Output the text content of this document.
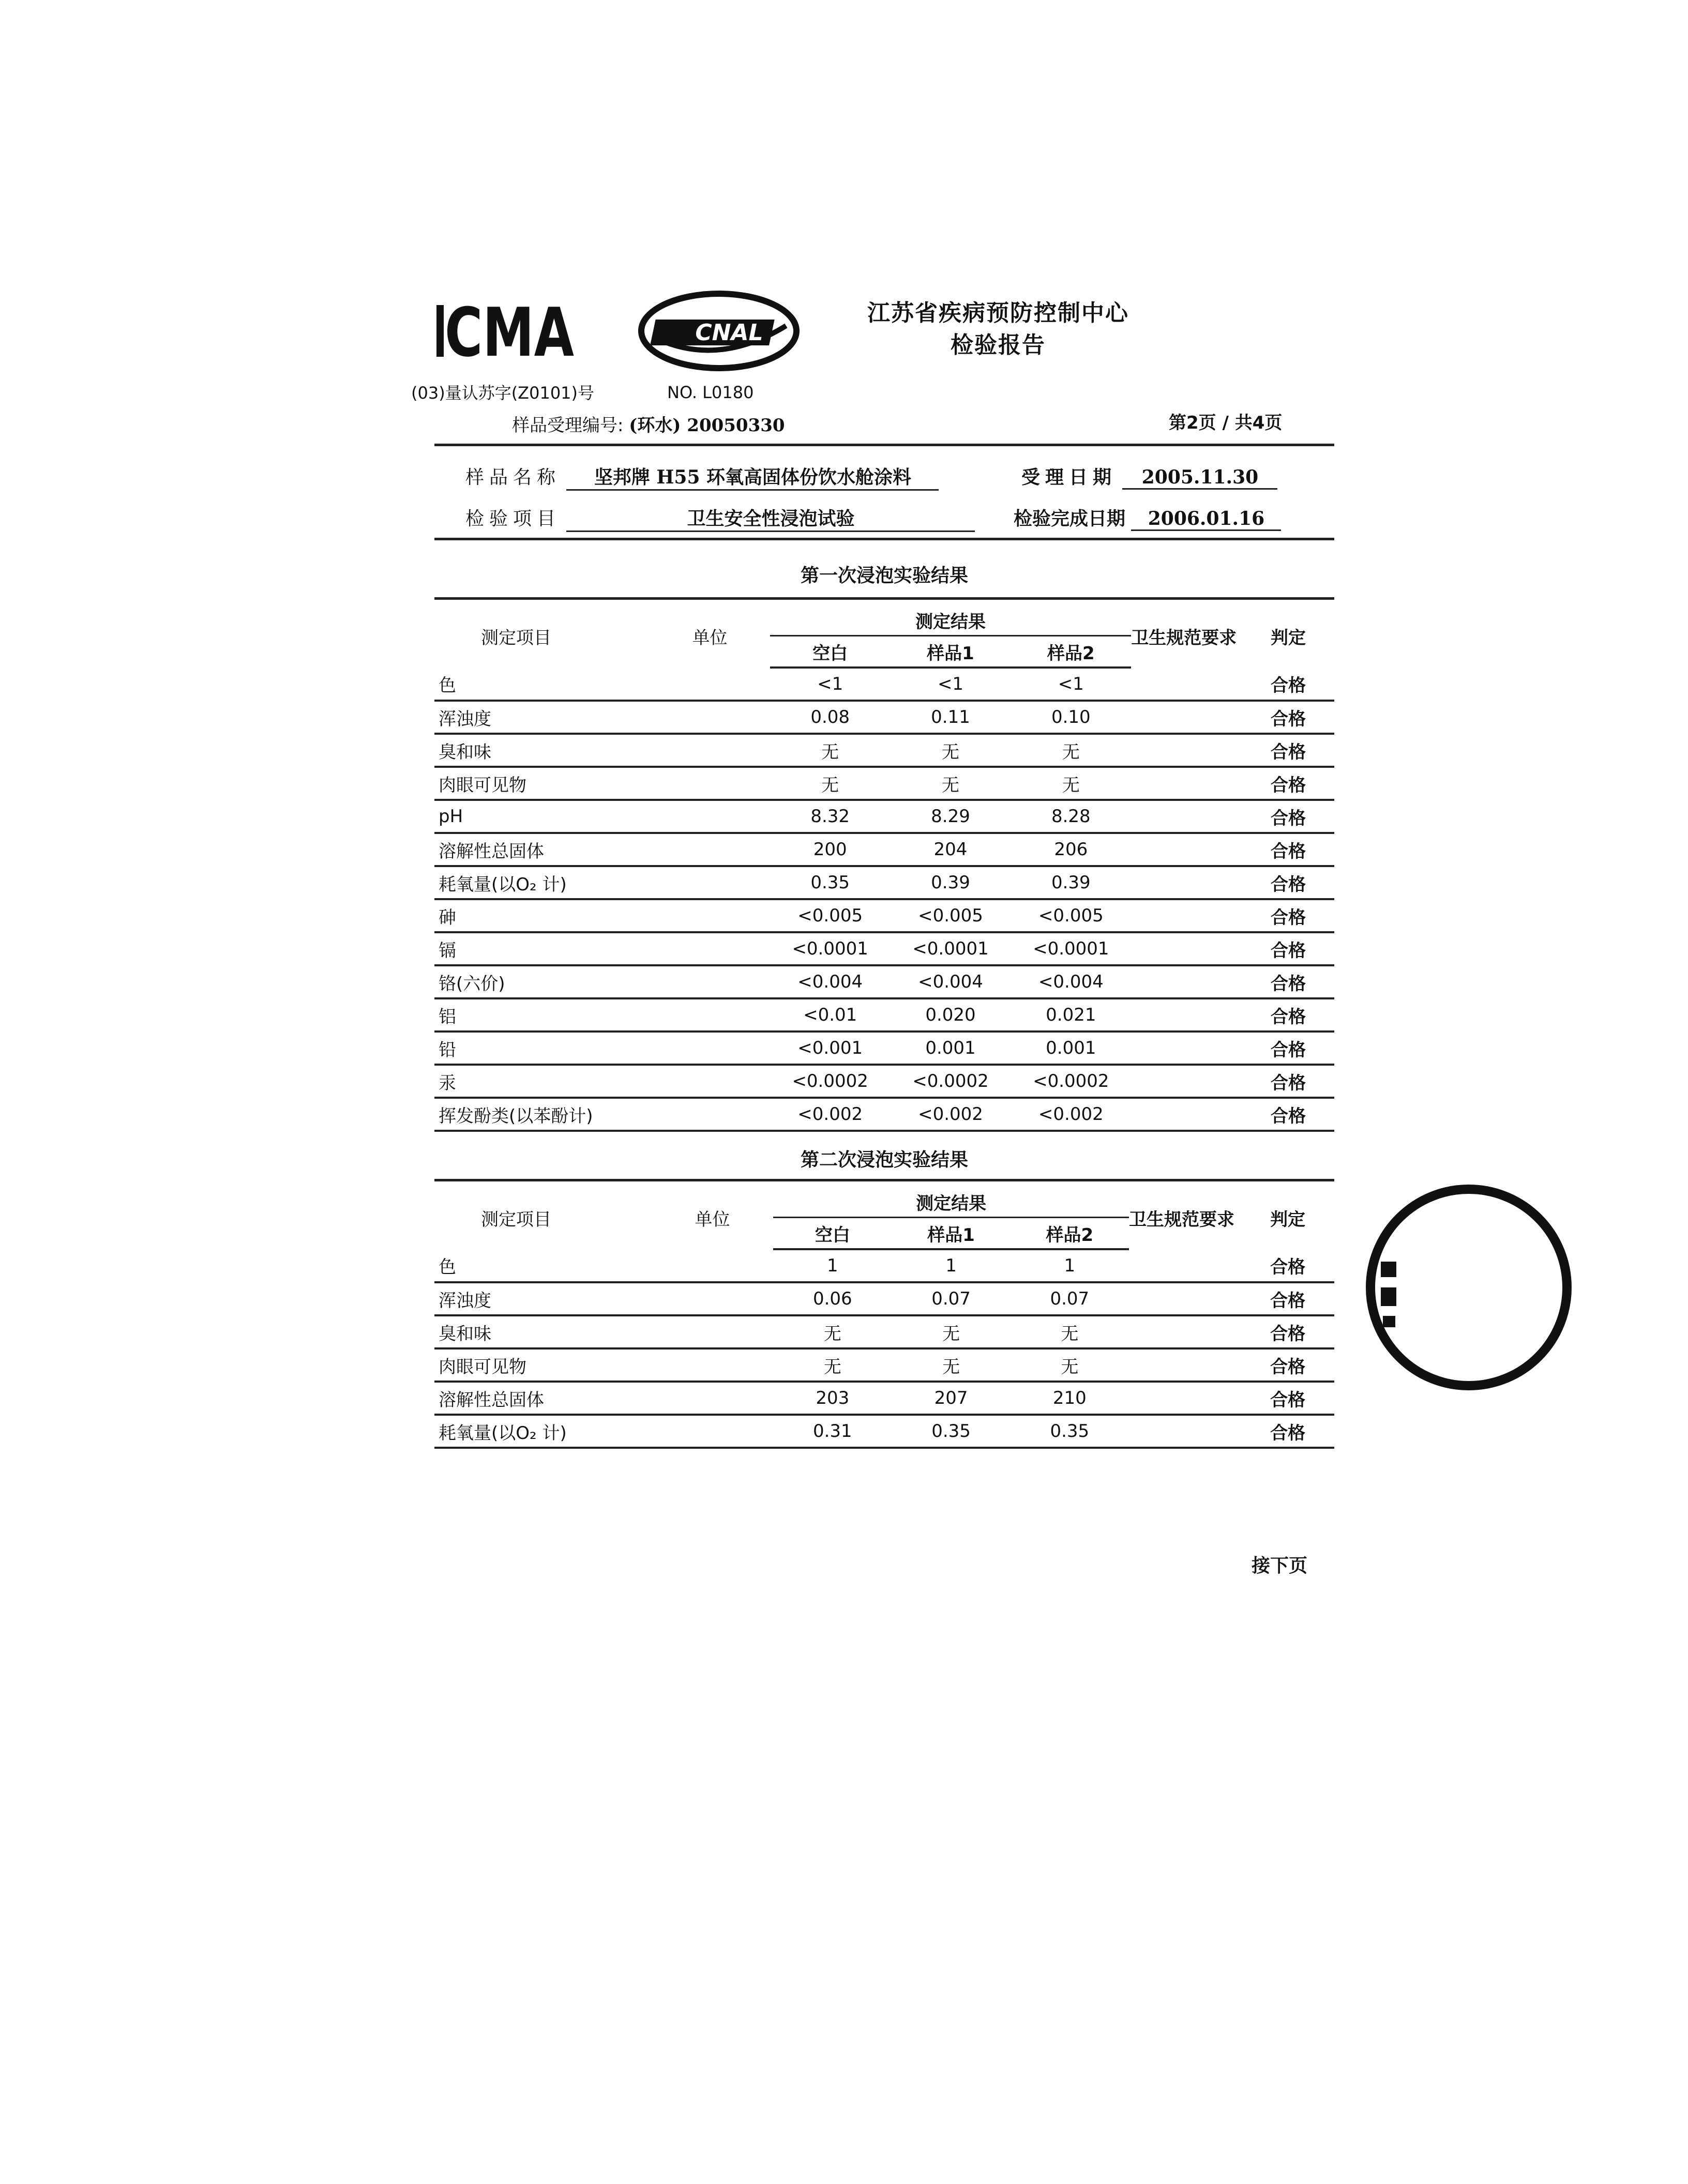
CMA	CNAL
江苏省疾病预防控制中心
检验报告
(03)量认苏字(Z0101)号	NO. L0180
样品受理编号: (环水) 20050330	第2页 / 共4页
样品名称 坚邦牌 H55 环氧高固体份饮水舱涂料	受理日期 2005.11.30
检验项目	卫生安全性浸泡试验	检验完成日期 2006.01.16
第一次浸泡实验结果
测定项目	单位	测定结果			卫生规范要求	判定
		空白	样品1	样品2		
色		<1	<1	<1		合格
浑浊度		0.08	0.11	0.10		合格
臭和味		无	无	无		合格
肉眼可见物		无	无	无		合格
pH		8.32	8.29	8.28		合格
溶解性总固体		200	204	206		合格
耗氧量(以O₂ 计)		0.35	0.39	0.39		合格
砷		<0.005	<0.005	<0.005		合格
镉		<0.0001	<0.0001	<0.0001		合格
铬(六价)		<0.004	<0.004	<0.004		合格
铝		<0.01	0.020	0.021		合格
铅		<0.001	0.001	0.001		合格
汞		<0.0002	<0.0002	<0.0002		合格
挥发酚类(以苯酚计)		<0.002	<0.002	<0.002		合格
第二次浸泡实验结果
测定项目	单位	测定结果			卫生规范要求	判定
		空白	样品1	样品2		
色		1	1	1		合格
浑浊度		0.06	0.07	0.07		合格
臭和味		无	无	无		合格
肉眼可见物		无	无	无		合格
溶解性总固体		203	207	210		合格
耗氧量(以O₂ 计)		0.31	0.35	0.35		合格
接下页
